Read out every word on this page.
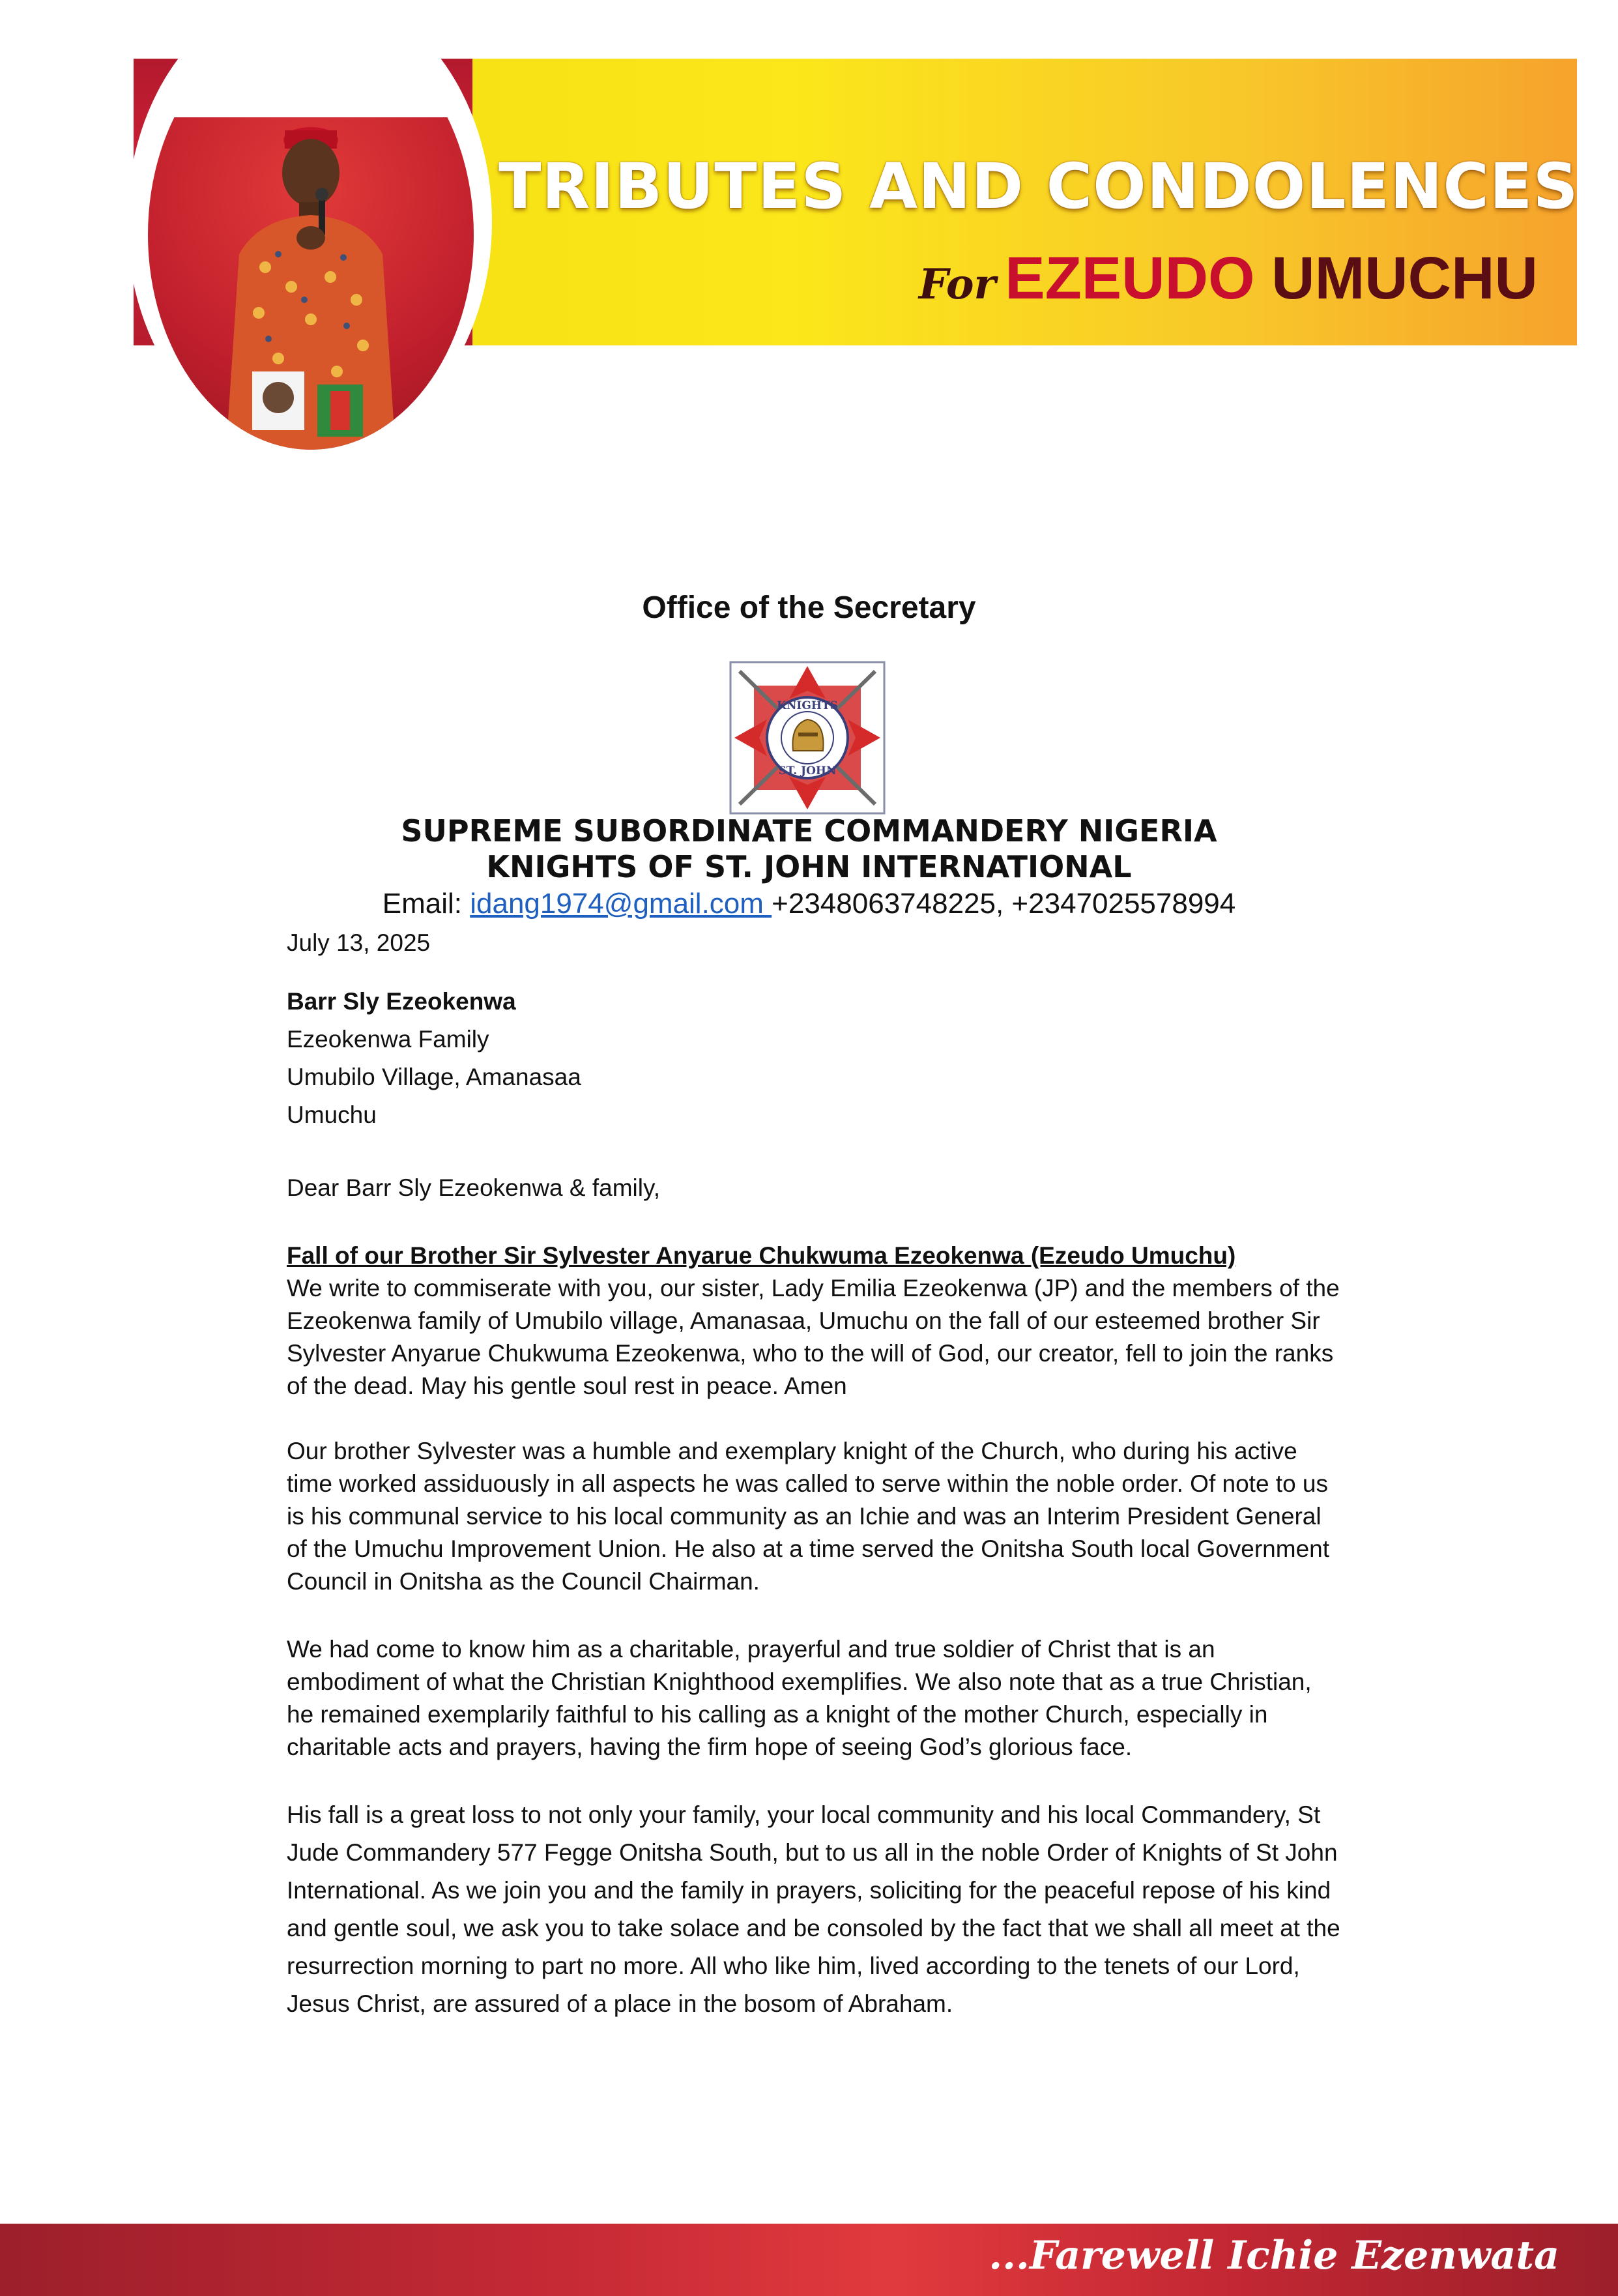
TRIBUTES AND CONDOLENCES
For EZEUDO UMUCHU
Office of the Secretary
KNIGHTS
ST. JOHN
SUPREME SUBORDINATE COMMANDERY NIGERIA
KNIGHTS OF ST. JOHN INTERNATIONAL
Email: idang1974@gmail.com +2348063748225, +2347025578994
July 13, 2025
Barr Sly Ezeokenwa
Ezeokenwa Family
Umubilo Village, Amanasaa
Umuchu
Dear Barr Sly Ezeokenwa & family,
Fall of our Brother Sir Sylvester Anyarue Chukwuma Ezeokenwa (Ezeudo Umuchu)
We write to commiserate with you, our sister, Lady Emilia Ezeokenwa (JP) and the members of the Ezeokenwa family of Umubilo village, Amanasaa, Umuchu on the fall of our esteemed brother Sir Sylvester Anyarue Chukwuma Ezeokenwa, who to the will of God, our creator, fell to join the ranks of the dead. May his gentle soul rest in peace. Amen
Our brother Sylvester was a humble and exemplary knight of the Church, who during his active time worked assiduously in all aspects he was called to serve within the noble order. Of note to us is his communal service to his local community as an Ichie and was an Interim President General of the Umuchu Improvement Union. He also at a time served the Onitsha South local Government Council in Onitsha as the Council Chairman.
We had come to know him as a charitable, prayerful and true soldier of Christ that is an embodiment of what the Christian Knighthood exemplifies. We also note that as a true Christian, he remained exemplarily faithful to his calling as a knight of the mother Church, especially in charitable acts and prayers, having the firm hope of seeing God’s glorious face.
His fall is a great loss to not only your family, your local community and his local Commandery, St Jude Commandery 577 Fegge Onitsha South, but to us all in the noble Order of Knights of St John International. As we join you and the family in prayers, soliciting for the peaceful repose of his kind and gentle soul, we ask you to take solace and be consoled by the fact that we shall all meet at the resurrection morning to part no more. All who like him, lived according to the tenets of our Lord, Jesus Christ, are assured of a place in the bosom of Abraham.
...Farewell Ichie Ezenwata
